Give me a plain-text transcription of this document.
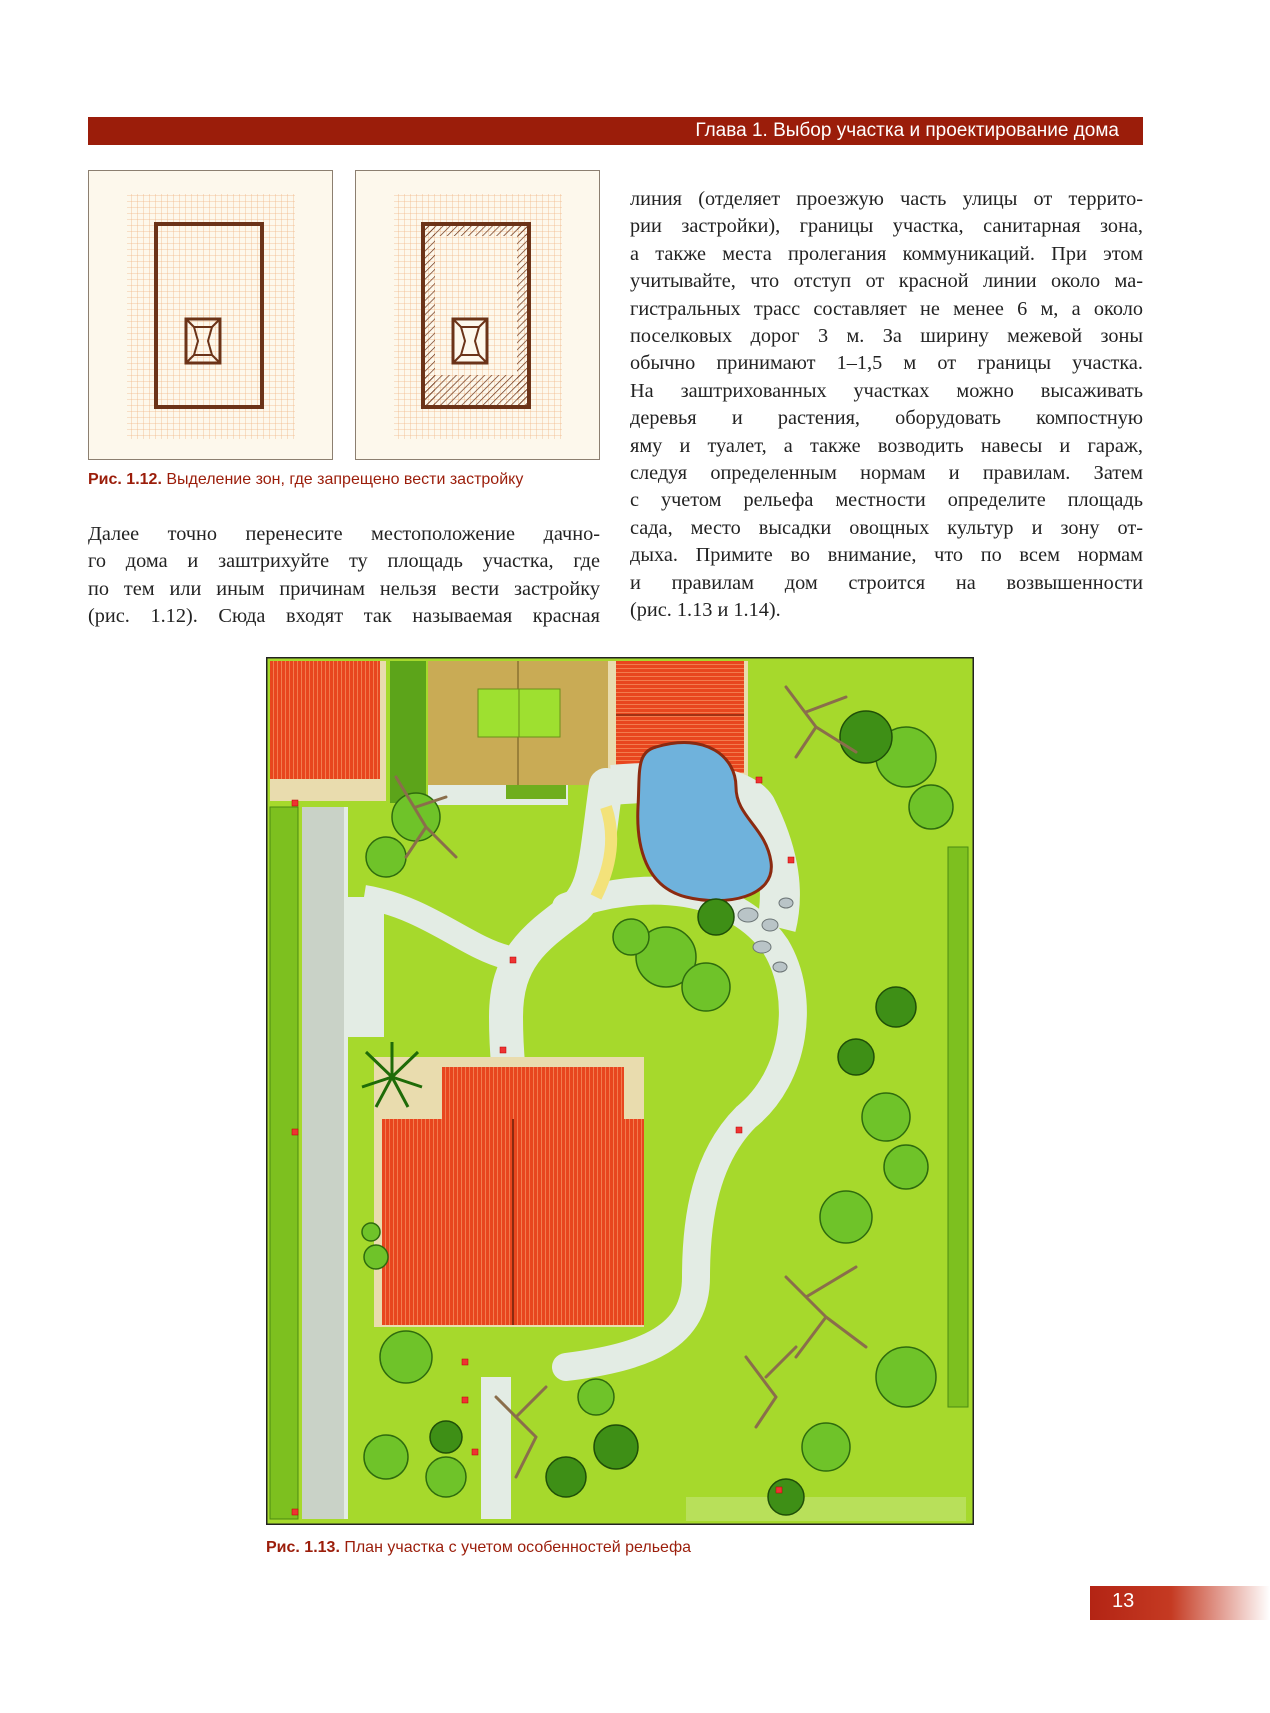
Глава 1. Выбор участка и проектирование дома
Рис. 1.12. Выделение зон, где запрещено вести застройку
Далее точно перенесите местоположение дачно-
го дома и заштрихуйте ту площадь участка, где
по тем или иным причинам нельзя вести застройку
(рис. 1.12). Сюда входят так называемая красная
линия (отделяет проезжую часть улицы от террито-
рии застройки), границы участка, санитарная зона,
а также места пролегания коммуникаций. При этом
учитывайте, что отступ от красной линии около ма-
гистральных трасс составляет не менее 6 м, а около
поселковых дорог 3 м. За ширину межевой зоны
обычно принимают 1–1,5 м от границы участка.
На заштрихованных участках можно высаживать
деревья и растения, оборудовать компостную
яму и туалет, а также возводить навесы и гараж,
следуя определенным нормам и правилам. Затем
с учетом рельефа местности определите площадь
сада, место высадки овощных культур и зону от-
дыха. Примите во внимание, что по всем нормам
и правилам дом строится на возвышенности
(рис. 1.13 и 1.14).
Рис. 1.13. План участка с учетом особенностей рельефа
13
